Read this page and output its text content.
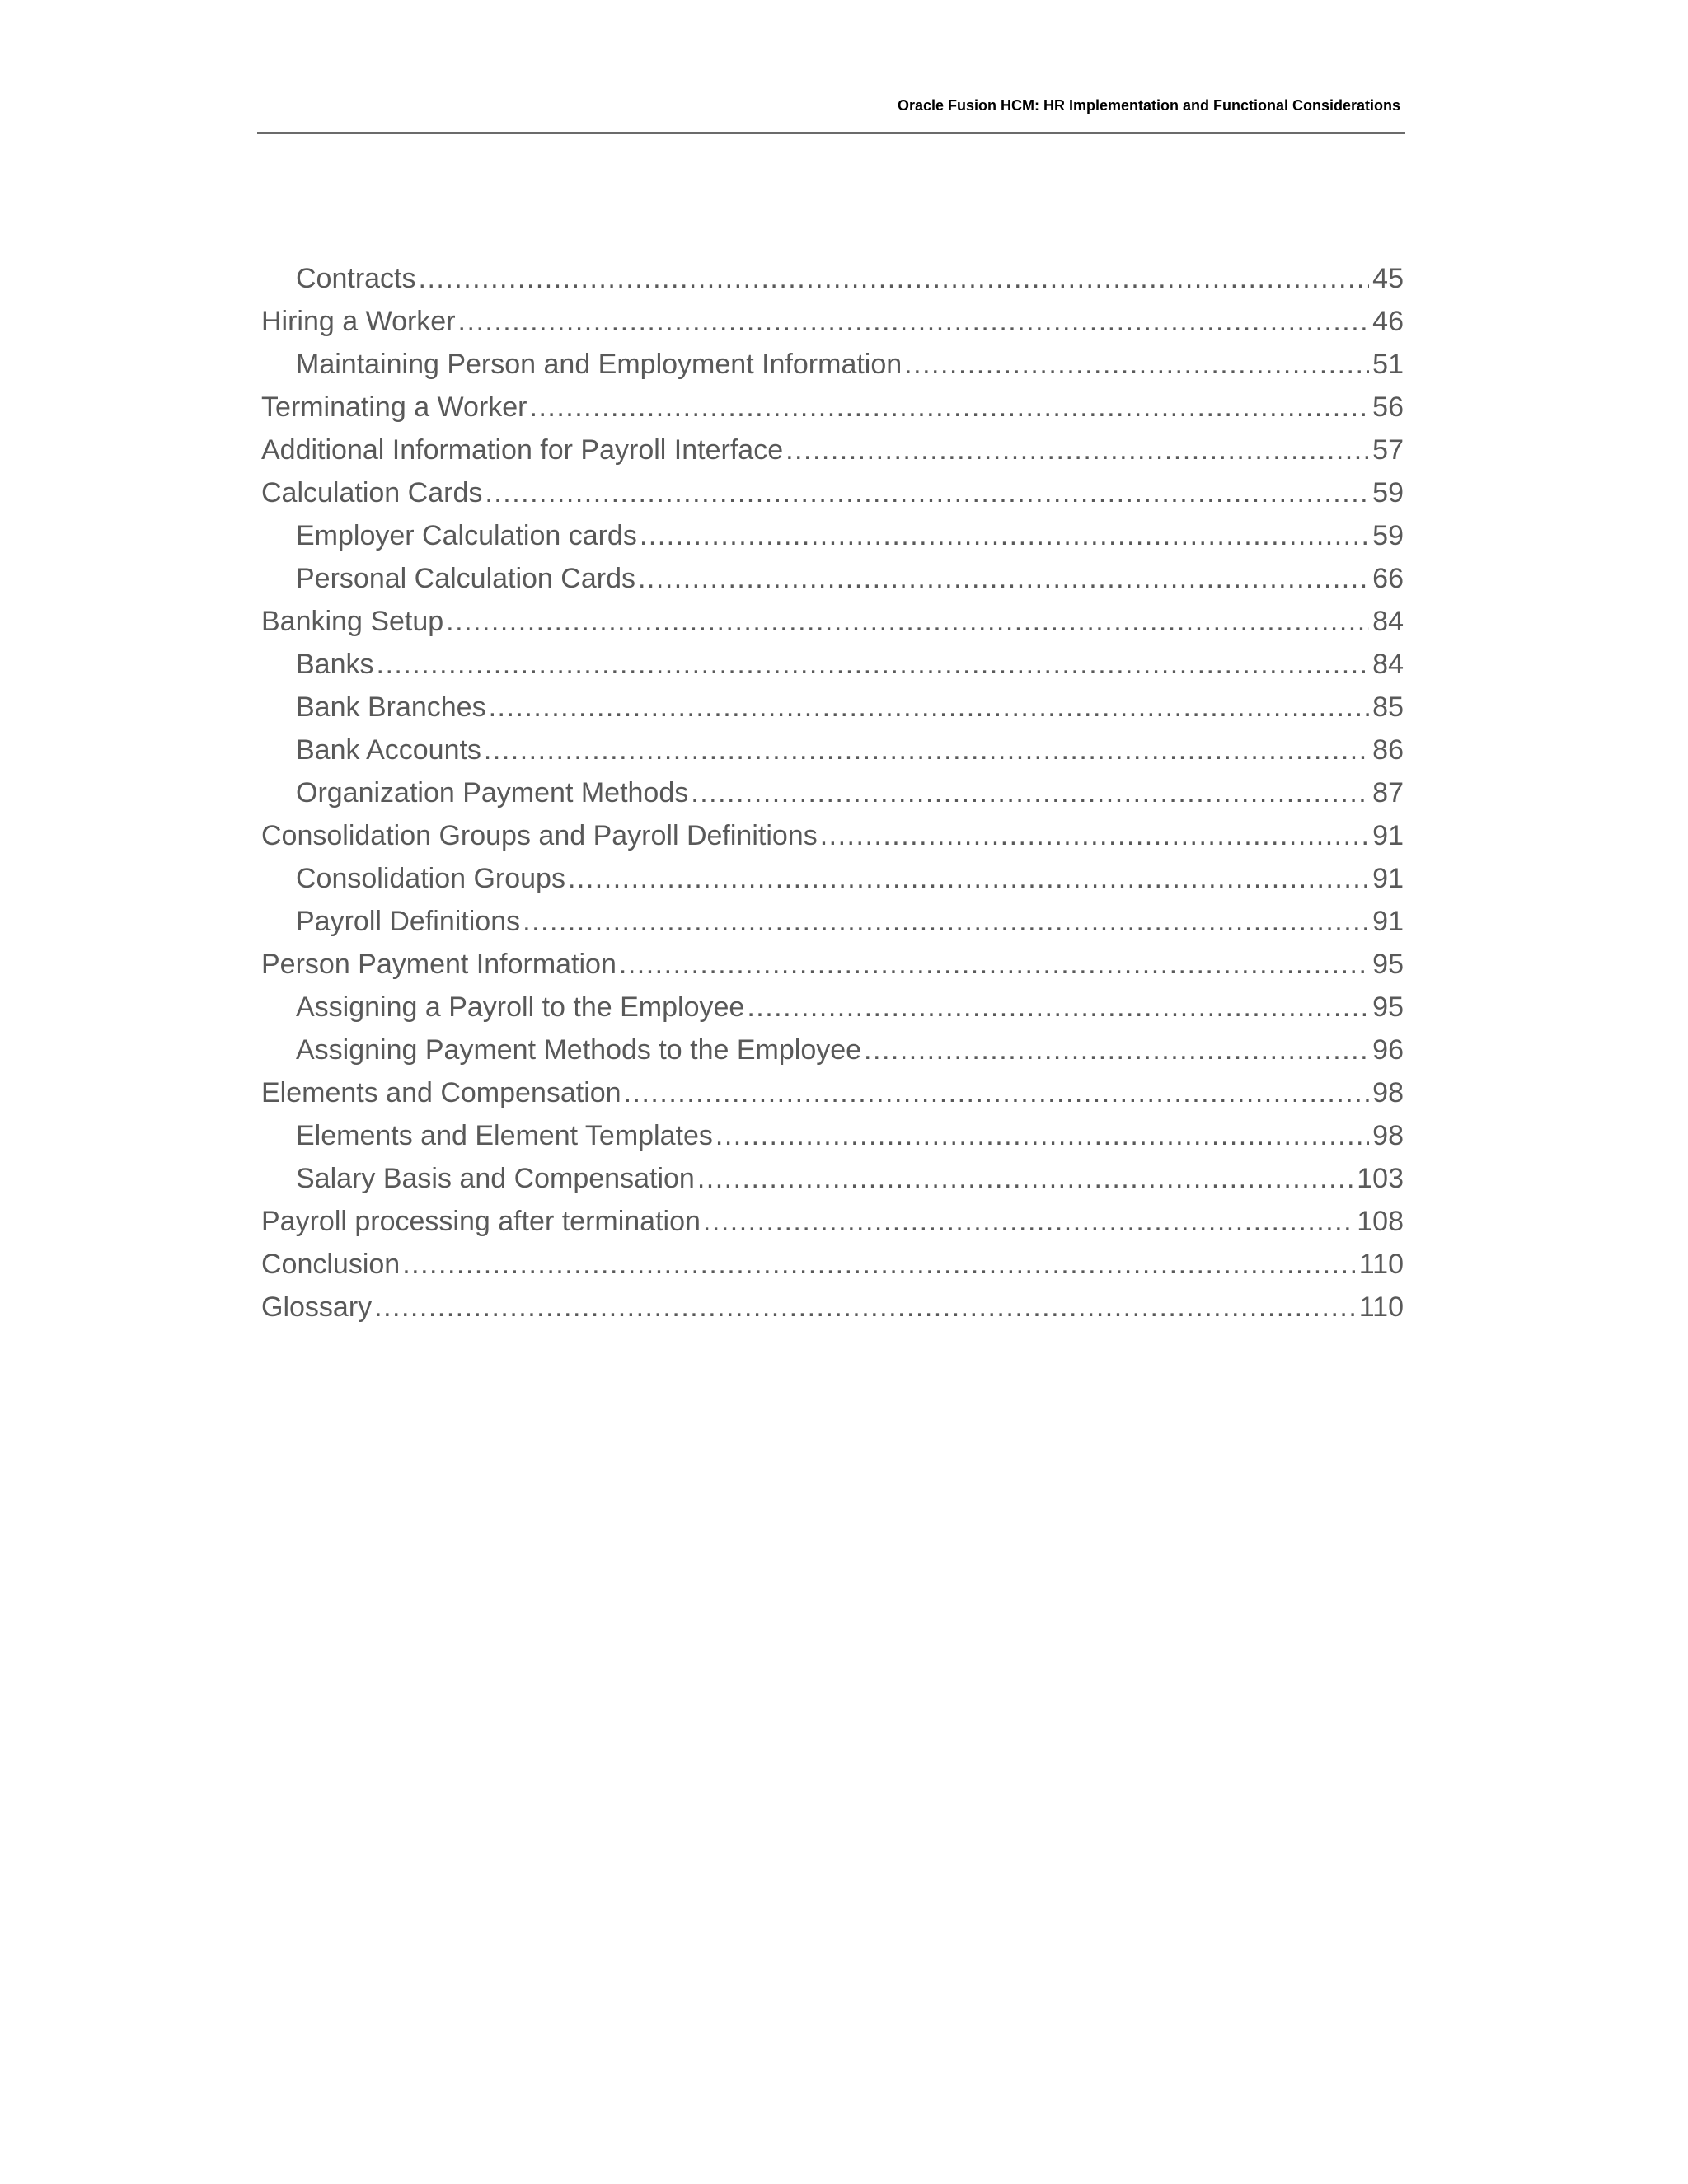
Oracle Fusion HCM: HR Implementation and Functional Considerations
Contracts .....	45
Hiring a Worker .....	46
Maintaining Person and Employment Information .....	51
Terminating a Worker .....	56
Additional Information for Payroll Interface .....	57
Calculation Cards .....	59
Employer Calculation cards .....	59
Personal Calculation Cards .....	66
Banking Setup .....	84
Banks .....	84
Bank Branches .....	85
Bank Accounts .....	86
Organization Payment Methods .....	87
Consolidation Groups and Payroll Definitions .....	91
Consolidation Groups .....	91
Payroll Definitions .....	91
Person Payment Information .....	95
Assigning a Payroll to the Employee .....	95
Assigning Payment Methods to the Employee .....	96
Elements and Compensation .....	98
Elements and Element Templates .....	98
Salary Basis and Compensation .....	103
Payroll processing after termination .....	108
Conclusion .....	110
Glossary .....	110
